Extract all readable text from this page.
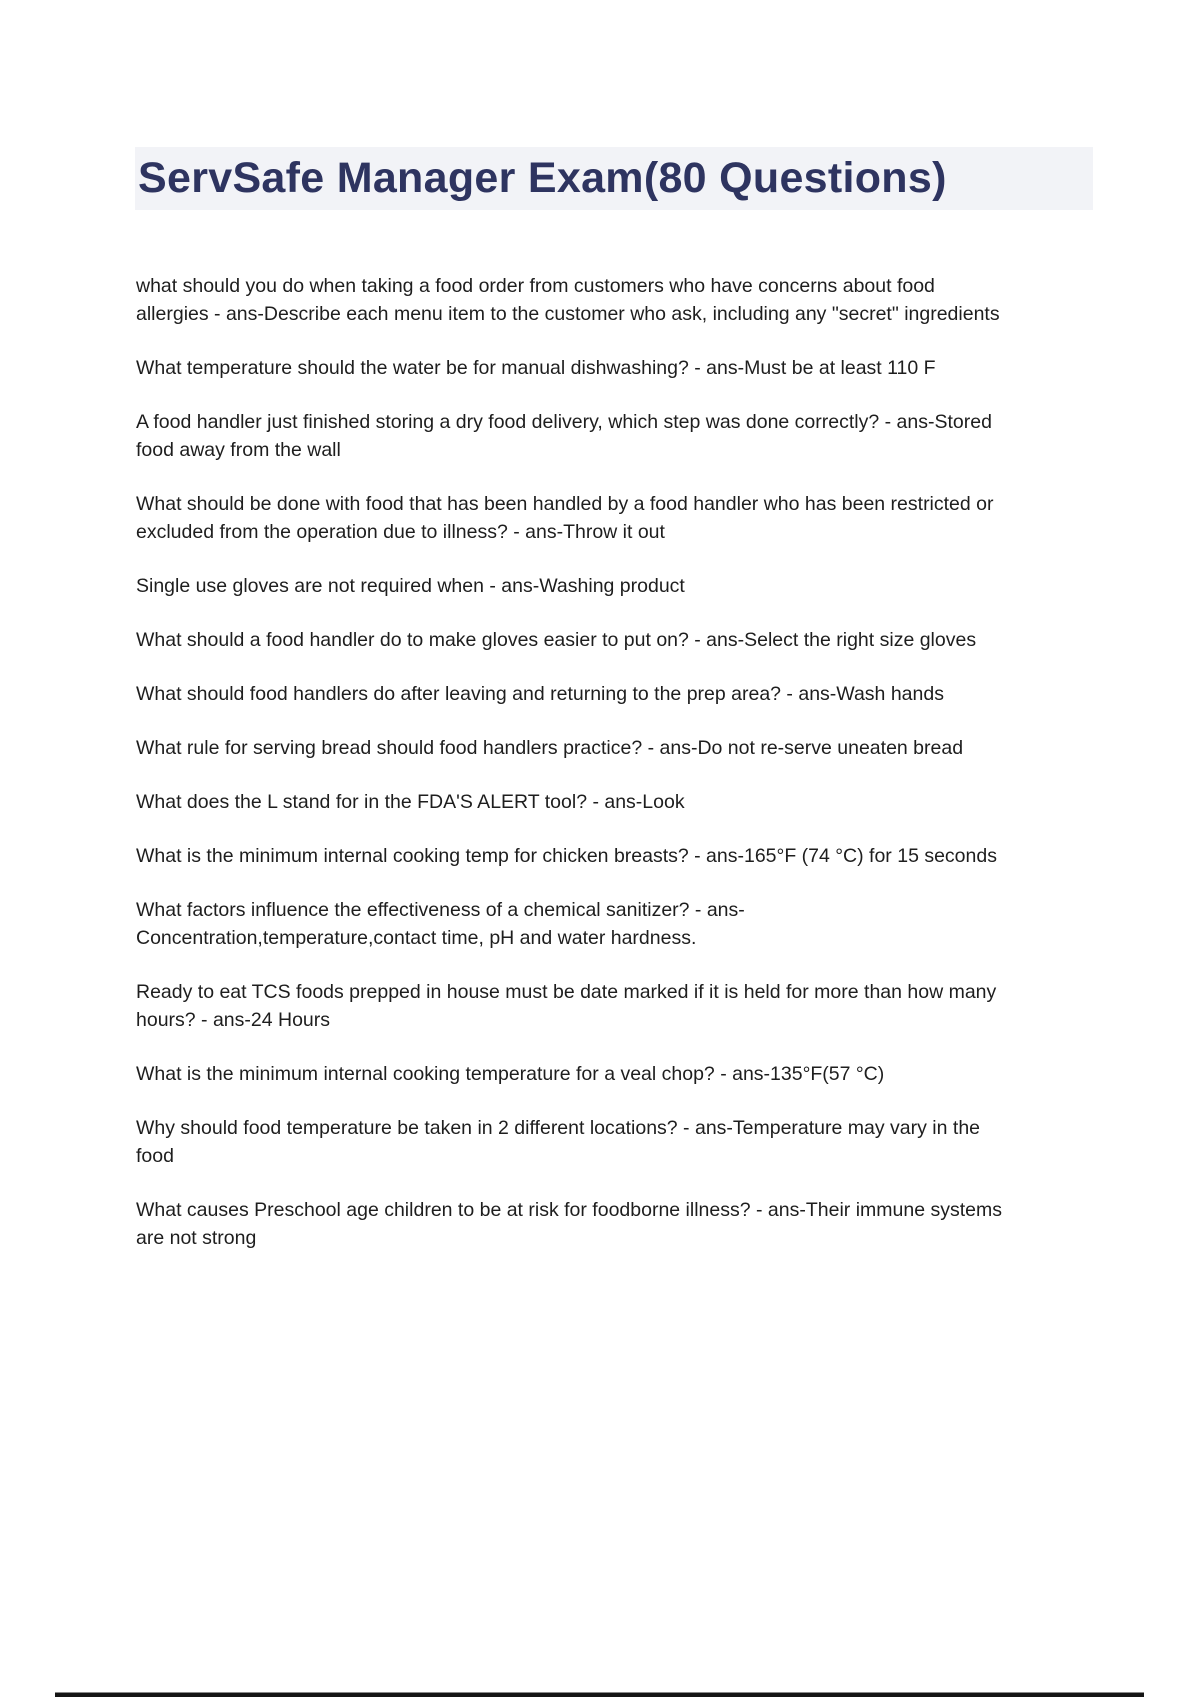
ServSafe Manager Exam(80 Questions)

what should you do when taking a food order from customers who have concerns about food allergies - ans-Describe each menu item to the customer who ask, including any "secret" ingredients

What temperature should the water be for manual dishwashing? - ans-Must be at least 110 F

A food handler just finished storing a dry food delivery, which step was done correctly? - ans-Stored food away from the wall

What should be done with food that has been handled by a food handler who has been restricted or excluded from the operation due to illness? - ans-Throw it out

Single use gloves are not required when - ans-Washing product

What should a food handler do to make gloves easier to put on? - ans-Select the right size gloves

What should food handlers do after leaving and returning to the prep area? - ans-Wash hands

What rule for serving bread should food handlers practice? - ans-Do not re-serve uneaten bread

What does the L stand for in the FDA'S ALERT tool? - ans-Look

What is the minimum internal cooking temp for chicken breasts? - ans-165°F (74 °C) for 15 seconds

What factors influence the effectiveness of a chemical sanitizer? - ans-Concentration,temperature,contact time, pH and water hardness.

Ready to eat TCS foods prepped in house must be date marked if it is held for more than how many hours? - ans-24 Hours

What is the minimum internal cooking temperature for a veal chop? - ans-135°F(57 °C)

Why should food temperature be taken in 2 different locations? - ans-Temperature may vary in the food

What causes Preschool age children to be at risk for foodborne illness? - ans-Their immune systems are not strong
